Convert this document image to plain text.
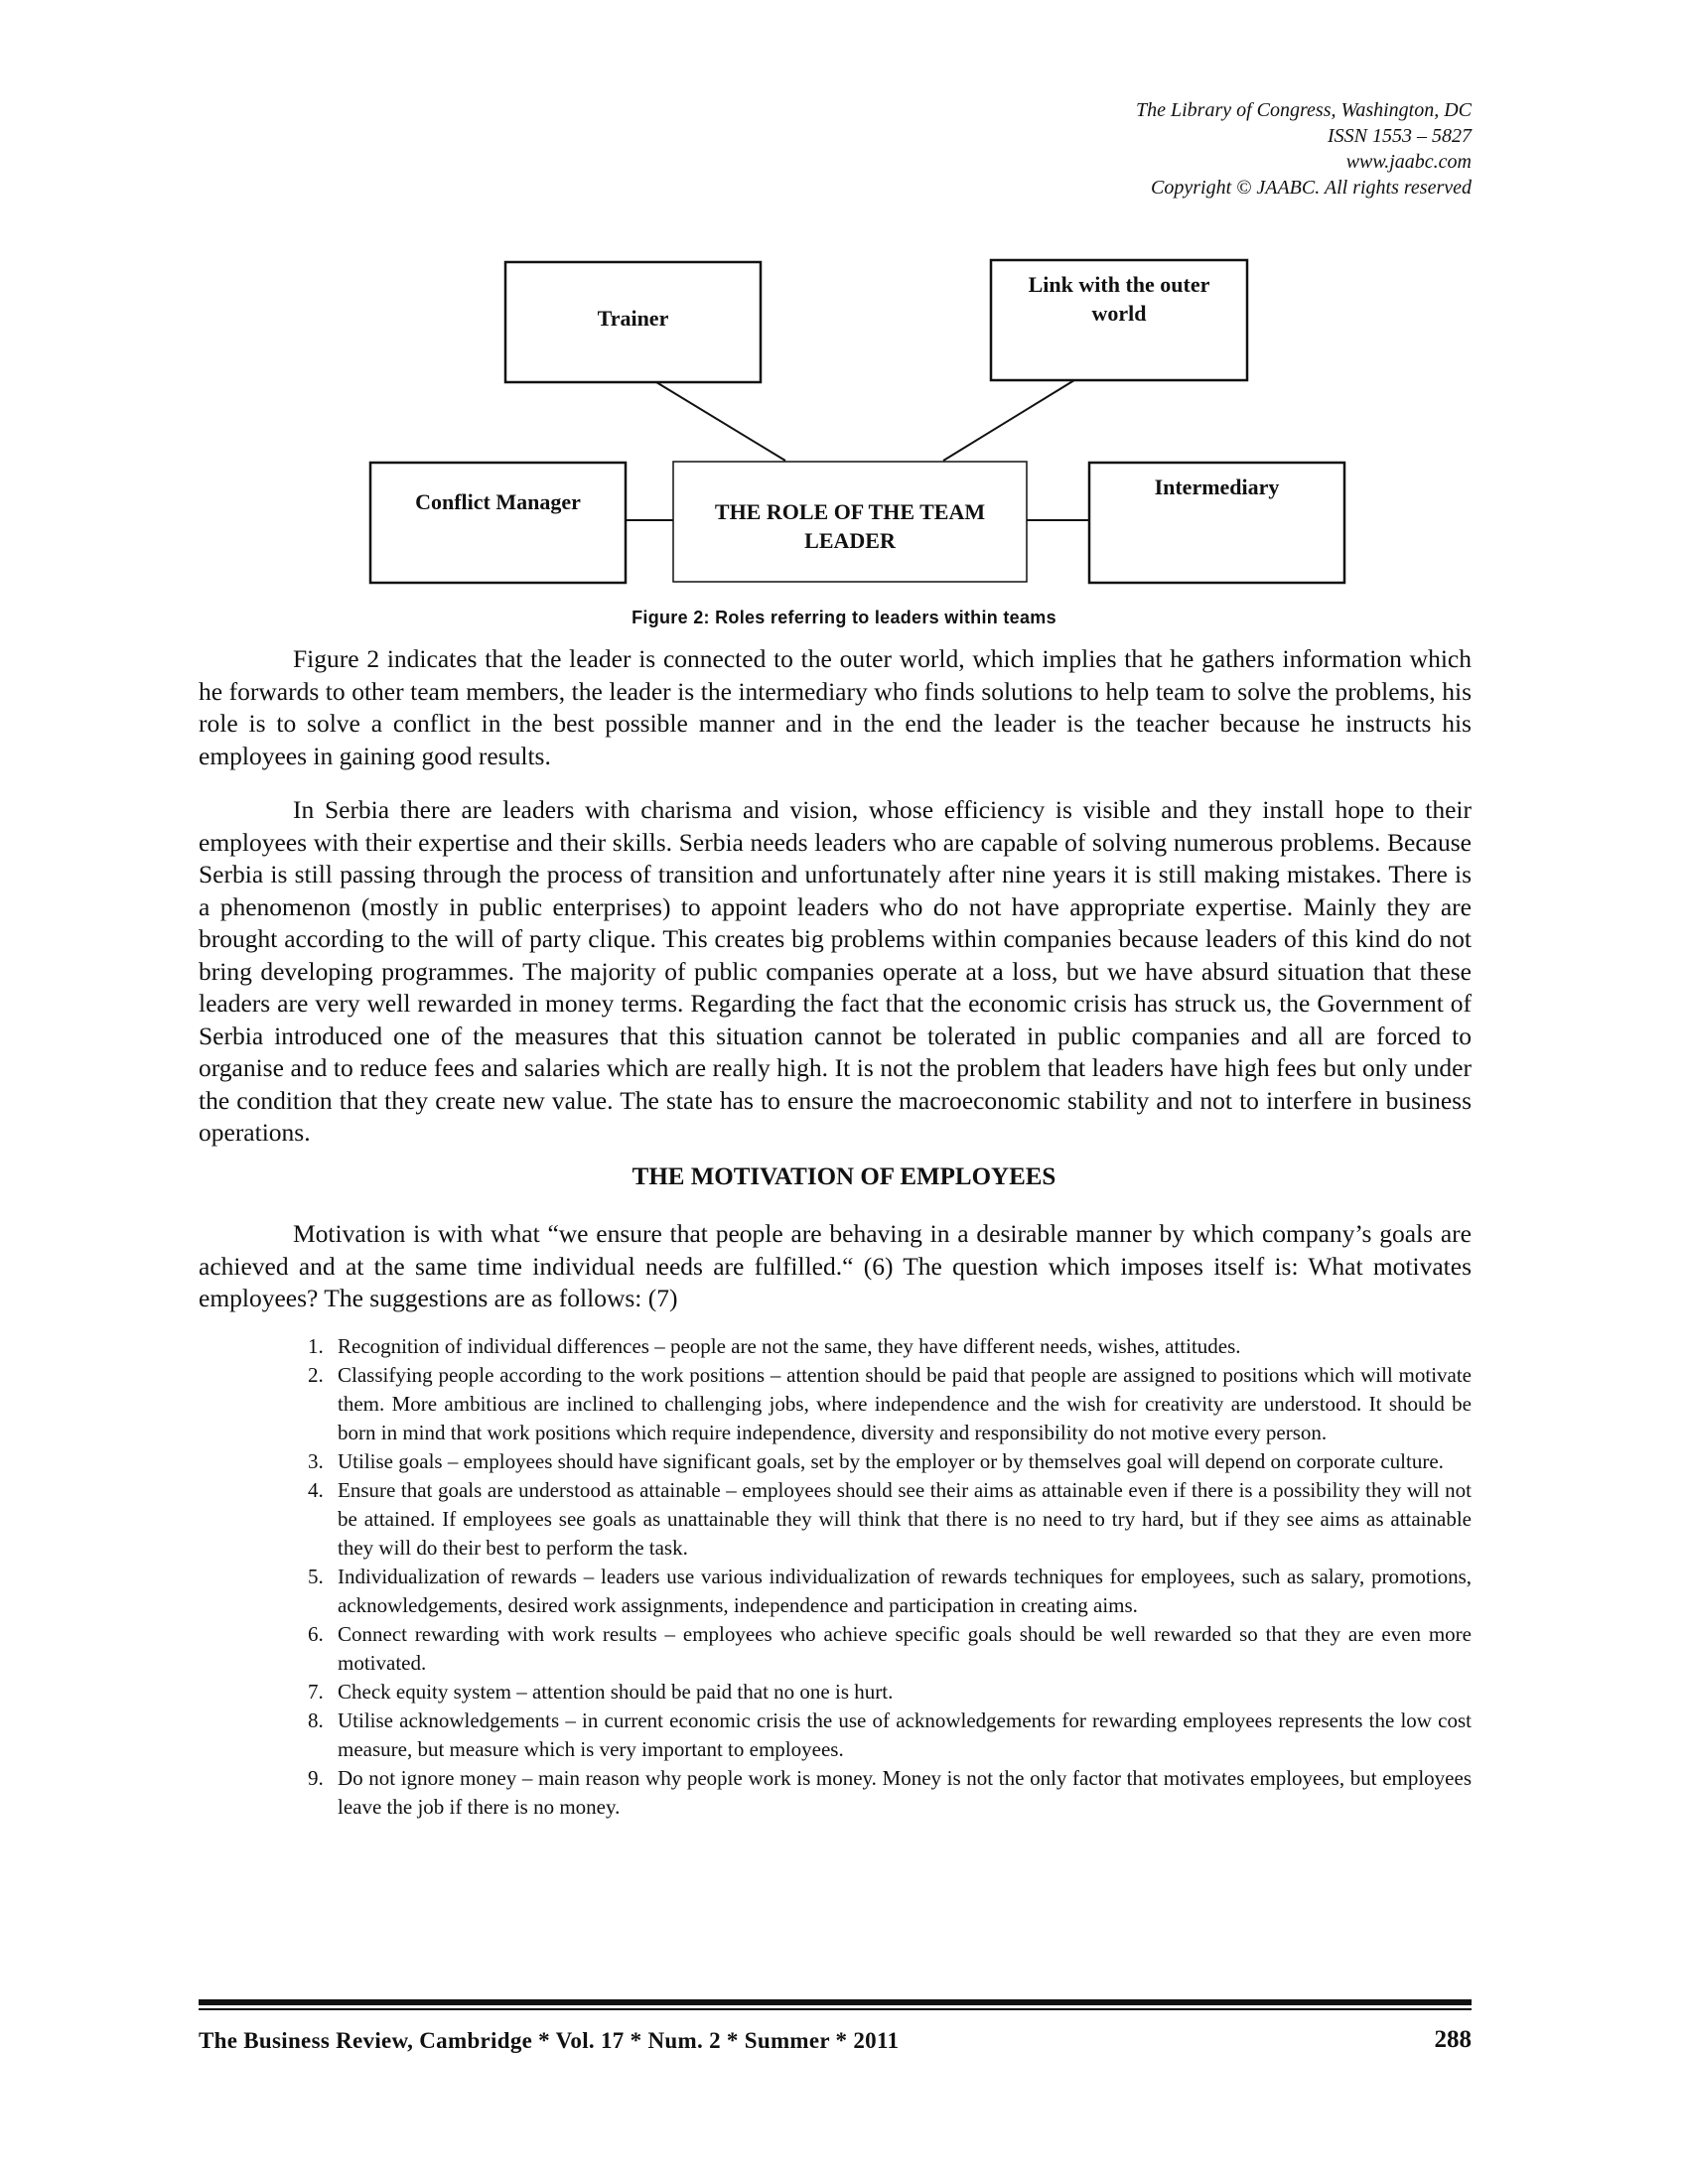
The Library of Congress, Washington, DC
ISSN 1553 – 5827
www.jaabc.com
Copyright © JAABC. All rights reserved
Trainer
Link with the outer
world
Conflict Manager	THE ROLE OF THE TEAM
LEADER
Intermediary
Figure 2: Roles referring to leaders within teams

Figure 2 indicates that the leader is connected to the outer world, which implies that he gathers information which he forwards to other team members, the leader is the intermediary who finds solutions to help team to solve the problems, his role is to solve a conflict in the best possible manner and in the end the leader is the teacher because he instructs his employees in gaining good results.

In Serbia there are leaders with charisma and vision, whose efficiency is visible and they install hope to their employees with their expertise and their skills. Serbia needs leaders who are capable of solving numerous problems. Because Serbia is still passing through the process of transition and unfortunately after nine years it is still making mistakes. There is a phenomenon (mostly in public enterprises) to appoint leaders who do not have appropriate expertise. Mainly they are brought according to the will of party clique. This creates big problems within companies because leaders of this kind do not bring developing programmes. The majority of public companies operate at a loss, but we have absurd situation that these leaders are very well rewarded in money terms. Regarding the fact that the economic crisis has struck us, the Government of Serbia introduced one of the measures that this situation cannot be tolerated in public companies and all are forced to organise and to reduce fees and salaries which are really high. It is not the problem that leaders have high fees but only under the condition that they create new value. The state has to ensure the macroeconomic stability and not to interfere in business operations.

THE MOTIVATION OF EMPLOYEES

Motivation is with what “we ensure that people are behaving in a desirable manner by which company’s goals are achieved and at the same time individual needs are fulfilled.“ (6) The question which imposes itself is: What motivates employees? The suggestions are as follows: (7)

1. Recognition of individual differences – people are not the same, they have different needs, wishes, attitudes.
2. Classifying people according to the work positions – attention should be paid that people are assigned to positions which will motivate them. More ambitious are inclined to challenging jobs, where independence and the wish for creativity are understood. It should be born in mind that work positions which require independence, diversity and responsibility do not motive every person.
3. Utilise goals – employees should have significant goals, set by the employer or by themselves goal will depend on corporate culture.
4. Ensure that goals are understood as attainable – employees should see their aims as attainable even if there is a possibility they will not be attained. If employees see goals as unattainable they will think that there is no need to try hard, but if they see aims as attainable they will do their best to perform the task.
5. Individualization of rewards – leaders use various individualization of rewards techniques for employees, such as salary, promotions, acknowledgements, desired work assignments, independence and participation in creating aims.
6. Connect rewarding with work results – employees who achieve specific goals should be well rewarded so that they are even more motivated.
7. Check equity system – attention should be paid that no one is hurt.
8. Utilise acknowledgements – in current economic crisis the use of acknowledgements for rewarding employees represents the low cost measure, but measure which is very important to employees.
9. Do not ignore money – main reason why people work is money. Money is not the only factor that motivates employees, but employees leave the job if there is no money.
The Business Review, Cambridge * Vol. 17 * Num. 2 * Summer * 2011	288
